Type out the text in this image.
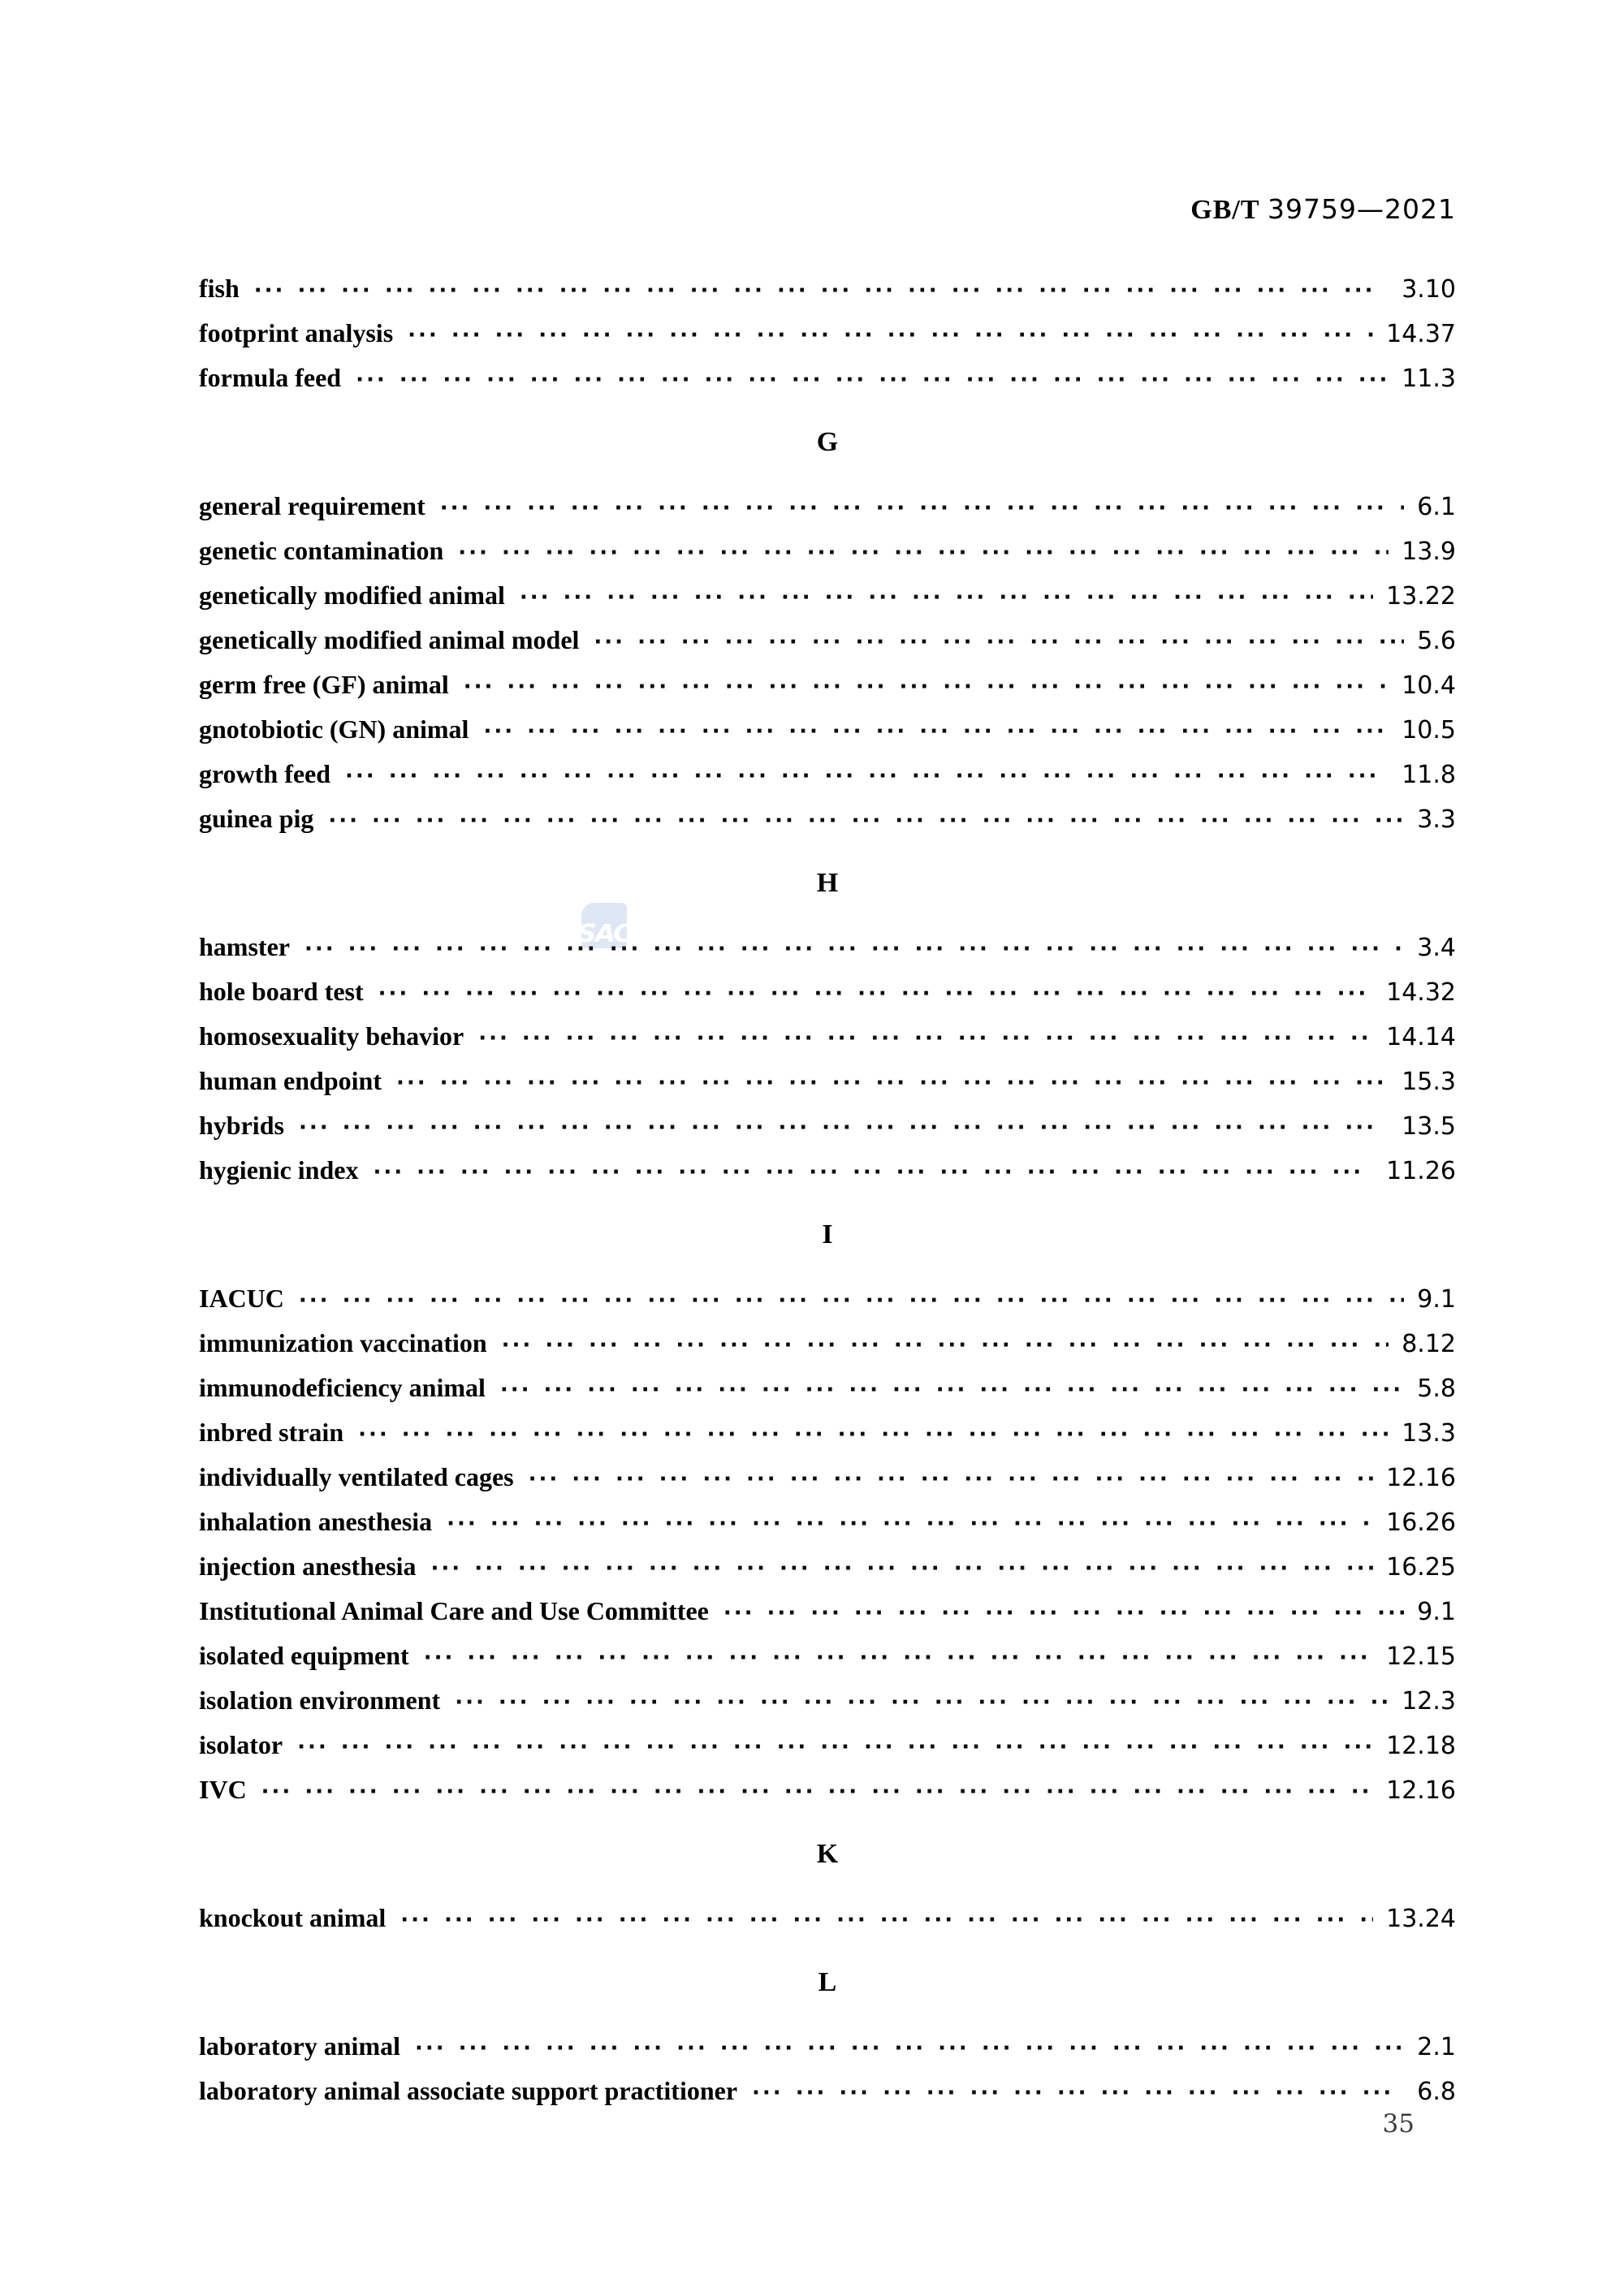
GB/T 39759—2021
SAC
fish ··· ·	3.10
footprint analysis ··· ·	14.37
formula feed ··· ·	11.3
G
general requirement ··· ·	6.1
genetic contamination ··· ·	13.9
genetically modified animal ··· ·	13.22
genetically modified animal model ··· ·	5.6
germ free (GF) animal ··· ·	10.4
gnotobiotic (GN) animal ··· ·	10.5
growth feed ··· ·	11.8
guinea pig ··· ·	3.3
H
hamster ··· ·	3.4
hole board test ··· ·	14.32
homosexuality behavior ··· ·	14.14
human endpoint ··· ·	15.3
hybrids ··· ·	13.5
hygienic index ··· ·	11.26
I
IACUC ··· ·	9.1
immunization vaccination ··· ·	8.12
immunodeficiency animal ··· ·	5.8
inbred strain ··· ·	13.3
individually ventilated cages ··· ·	12.16
inhalation anesthesia ··· ·	16.26
injection anesthesia ··· ·	16.25
Institutional Animal Care and Use Committee ··· ·	9.1
isolated equipment ··· ·	12.15
isolation environment ··· ·	12.3
isolator ··· ·	12.18
IVC ··· ·	12.16
K
knockout animal ··· ·	13.24
L
laboratory animal ··· ·	2.1
laboratory animal associate support practitioner ··· ·	6.8
35
